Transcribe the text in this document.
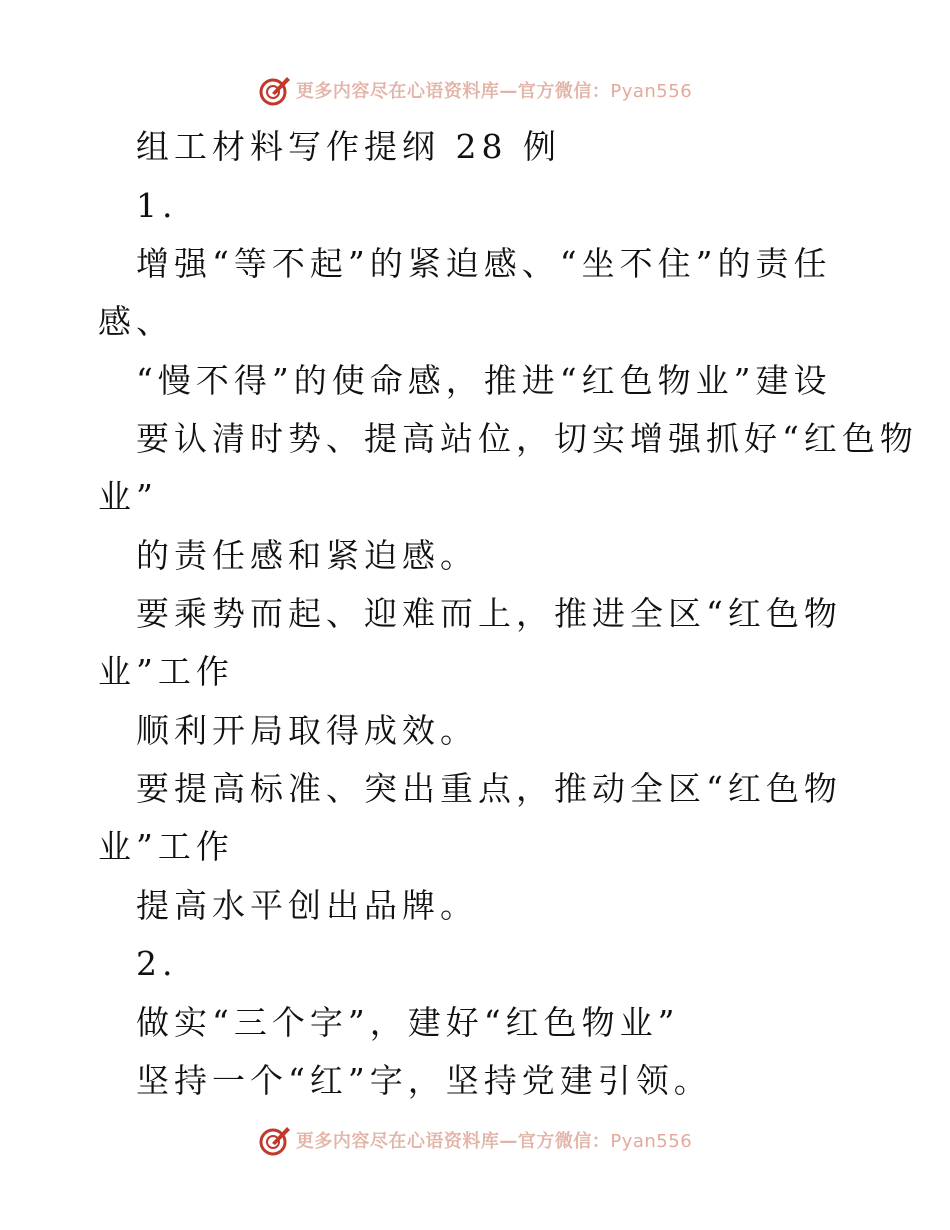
更多内容尽在心语资料库—官方微信：Pyan556
组工材料写作提纲 28 例
1.
增强“等不起”的紧迫感、“坐不住”的责任
感、
“慢不得”的使命感，推进“红色物业”建设
要认清时势、提高站位，切实增强抓好“红色物
业”
的责任感和紧迫感。
要乘势而起、迎难而上，推进全区“红色物
业”工作
顺利开局取得成效。
要提高标准、突出重点，推动全区“红色物
业”工作
提高水平创出品牌。
2.
做实“三个字”，建好“红色物业”
坚持一个“红”字，坚持党建引领。
更多内容尽在心语资料库—官方微信：Pyan556
